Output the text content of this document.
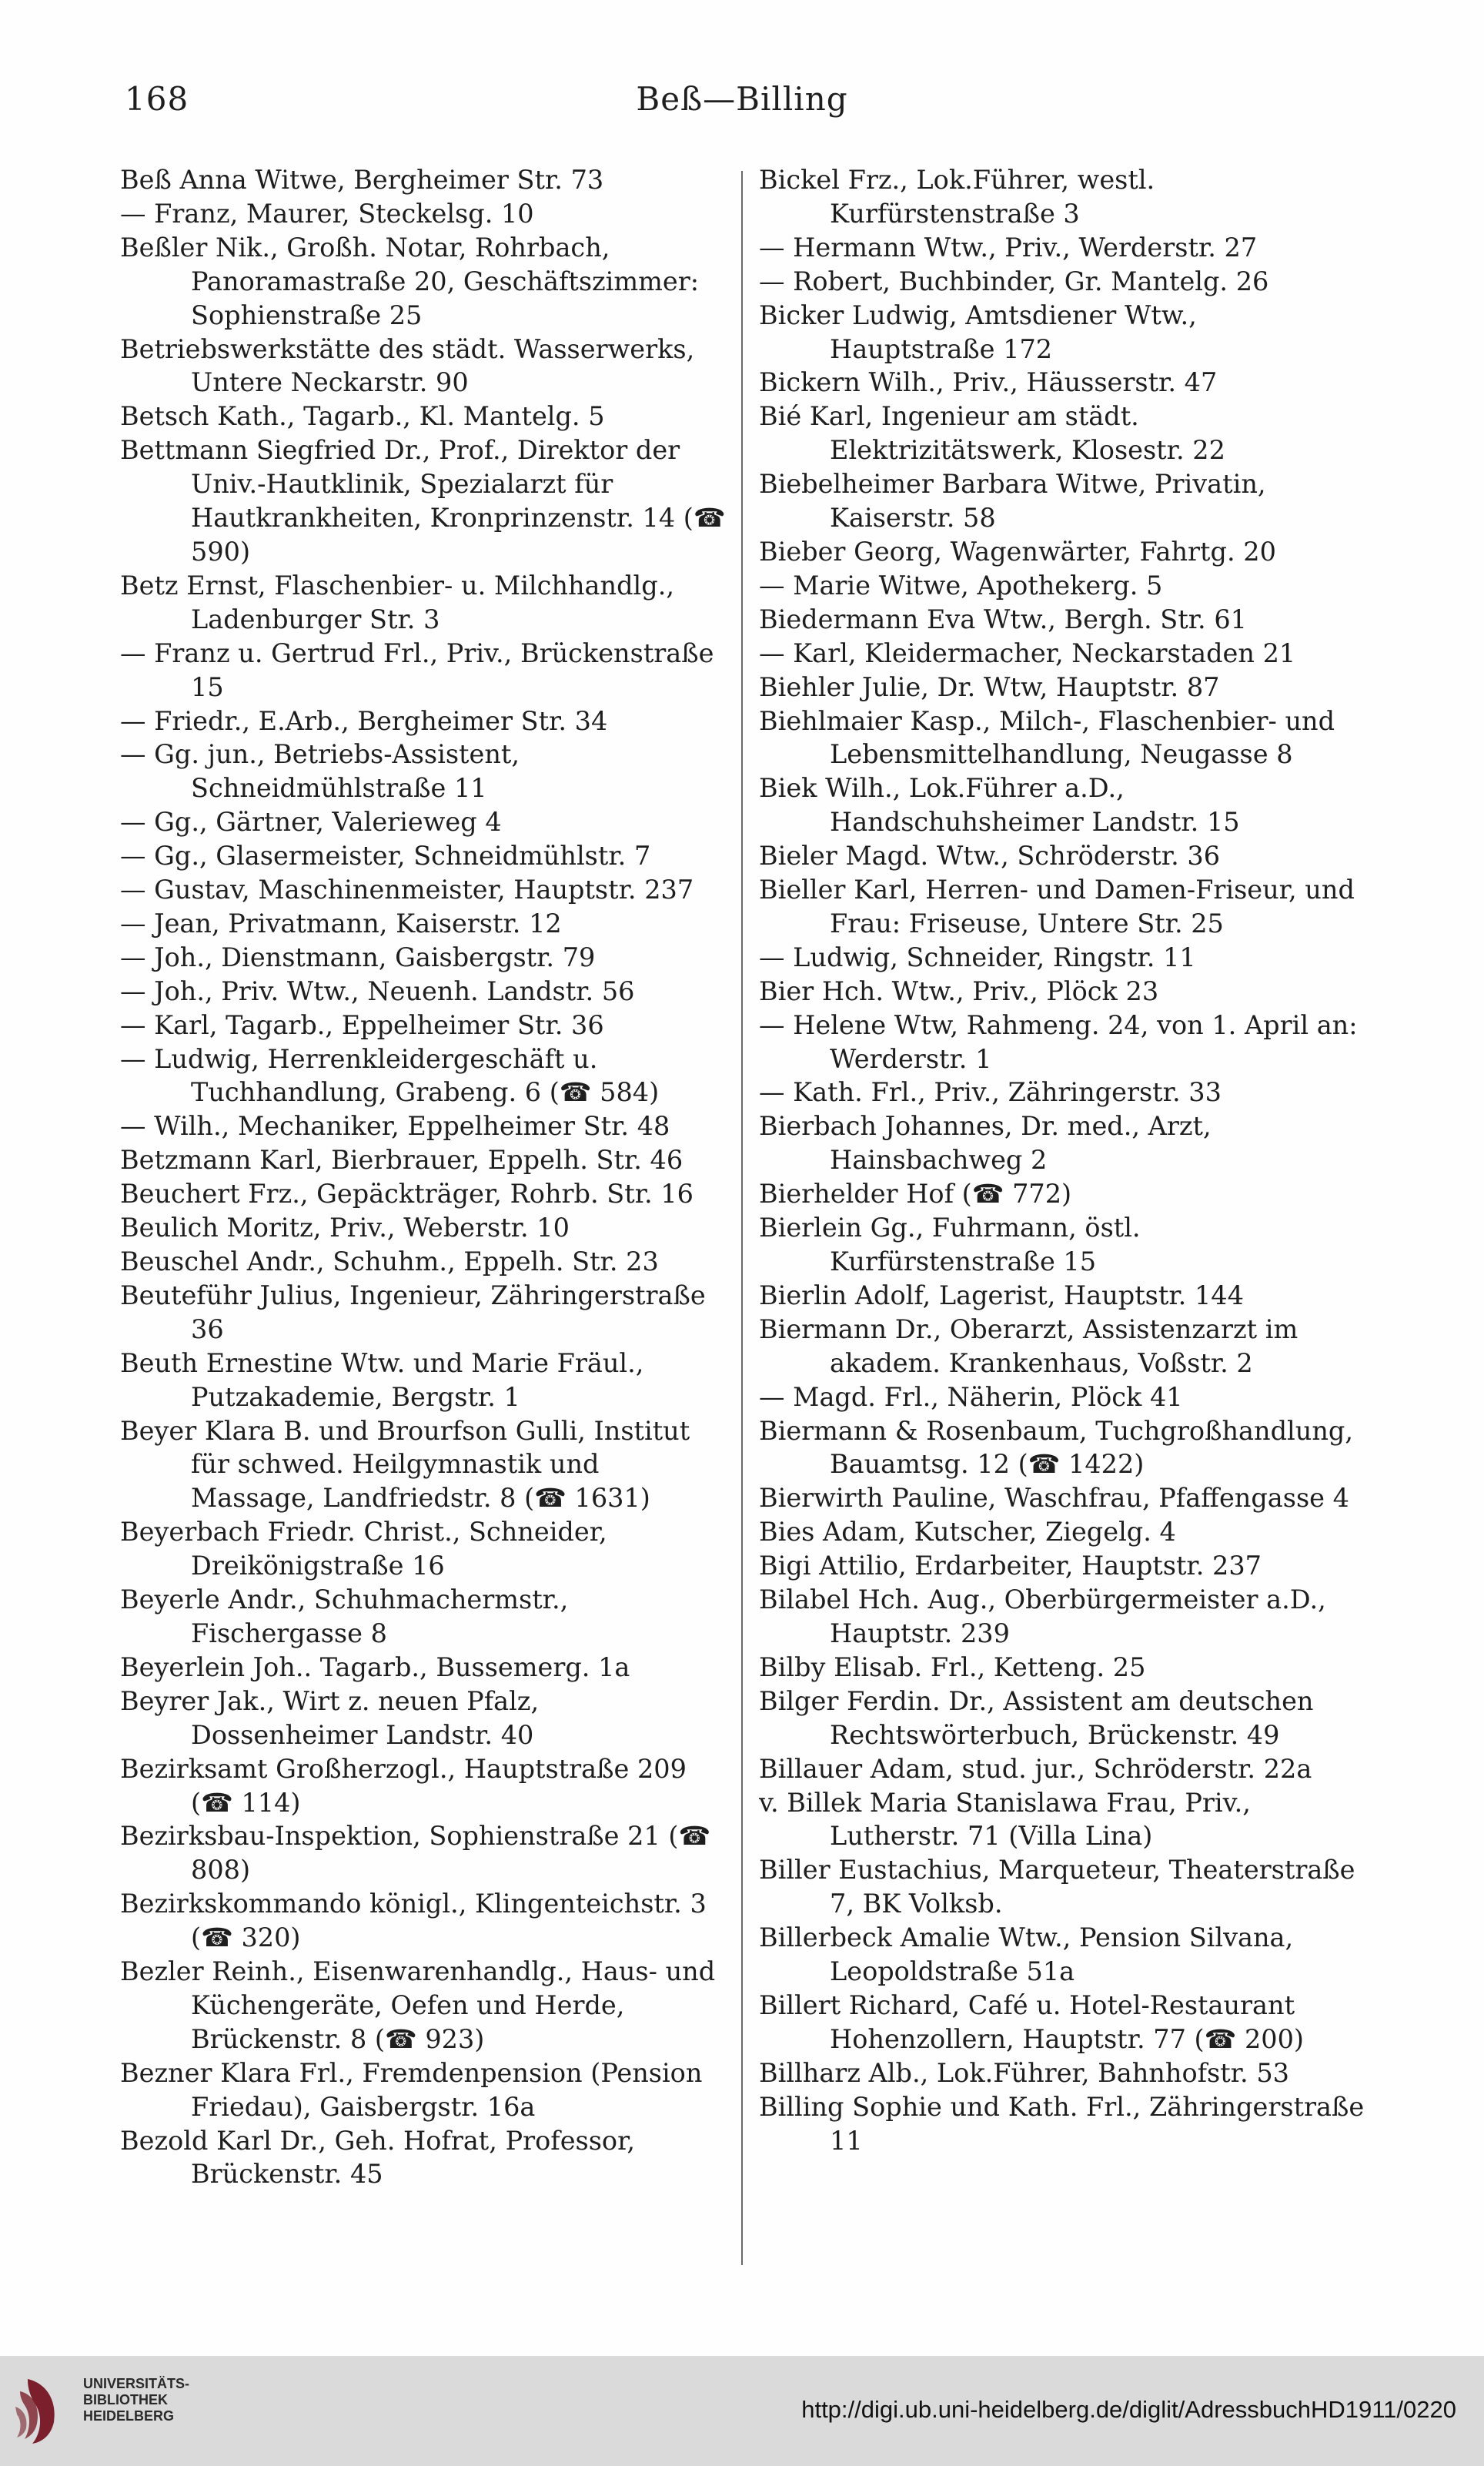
168	Beß—Billing

Beß Anna Witwe, Bergheimer Str. 73

— Franz, Maurer, Steckelsg. 10

Beßler Nik., Großh. Notar, Rohrbach, Panoramastraße 20, Geschäftszimmer: Sophienstraße 25

Betriebswerkstätte des städt. Wasserwerks, Untere Neckarstr. 90

Betsch Kath., Tagarb., Kl. Mantelg. 5

Bettmann Siegfried Dr., Prof., Direktor der Univ.-Hautklinik, Spezialarzt für Hautkrankheiten, Kronprinzenstr. 14 (☎ 590)

Betz Ernst, Flaschenbier- u. Milchhandlg., Ladenburger Str. 3

— Franz u. Gertrud Frl., Priv., Brückenstraße 15

— Friedr., E.Arb., Bergheimer Str. 34

— Gg. jun., Betriebs-Assistent, Schneidmühlstraße 11

— Gg., Gärtner, Valerieweg 4

— Gg., Glasermeister, Schneidmühlstr. 7

— Gustav, Maschinenmeister, Hauptstr. 237

— Jean, Privatmann, Kaiserstr. 12

— Joh., Dienstmann, Gaisbergstr. 79

— Joh., Priv. Wtw., Neuenh. Landstr. 56

— Karl, Tagarb., Eppelheimer Str. 36

— Ludwig, Herrenkleidergeschäft u. Tuchhandlung, Grabeng. 6 (☎ 584)

— Wilh., Mechaniker, Eppelheimer Str. 48

Betzmann Karl, Bierbrauer, Eppelh. Str. 46

Beuchert Frz., Gepäckträger, Rohrb. Str. 16

Beulich Moritz, Priv., Weberstr. 10

Beuschel Andr., Schuhm., Eppelh. Str. 23

Beuteführ Julius, Ingenieur, Zähringerstraße 36

Beuth Ernestine Wtw. und Marie Fräul., Putzakademie, Bergstr. 1

Beyer Klara B. und Brourfson Gulli, Institut für schwed. Heilgymnastik und Massage, Landfriedstr. 8 (☎ 1631)

Beyerbach Friedr. Christ., Schneider, Dreikönigstraße 16

Beyerle Andr., Schuhmachermstr., Fischergasse 8

Beyerlein Joh.. Tagarb., Bussemerg. 1a

Beyrer Jak., Wirt z. neuen Pfalz, Dossenheimer Landstr. 40

Bezirksamt Großherzogl., Hauptstraße 209 (☎ 114)

Bezirksbau-Inspektion, Sophienstraße 21 (☎ 808)

Bezirkskommando königl., Klingenteichstr. 3 (☎ 320)

Bezler Reinh., Eisenwarenhandlg., Haus- und Küchengeräte, Oefen und Herde, Brückenstr. 8 (☎ 923)

Bezner Klara Frl., Fremdenpension (Pension Friedau), Gaisbergstr. 16a

Bezold Karl Dr., Geh. Hofrat, Professor, Brückenstr. 45

Bickel Frz., Lok.Führer, westl. Kurfürstenstraße 3

— Hermann Wtw., Priv., Werderstr. 27

— Robert, Buchbinder, Gr. Mantelg. 26

Bicker Ludwig, Amtsdiener Wtw., Hauptstraße 172

Bickern Wilh., Priv., Häusserstr. 47

Bié Karl, Ingenieur am städt. Elektrizitätswerk, Klosestr. 22

Biebelheimer Barbara Witwe, Privatin, Kaiserstr. 58

Bieber Georg, Wagenwärter, Fahrtg. 20

— Marie Witwe, Apothekerg. 5

Biedermann Eva Wtw., Bergh. Str. 61

— Karl, Kleidermacher, Neckarstaden 21

Biehler Julie, Dr. Wtw, Hauptstr. 87

Biehlmaier Kasp., Milch-, Flaschenbier- und Lebensmittelhandlung, Neugasse 8

Biek Wilh., Lok.Führer a.D., Handschuhsheimer Landstr. 15

Bieler Magd. Wtw., Schröderstr. 36

Bieller Karl, Herren- und Damen-Friseur, und Frau: Friseuse, Untere Str. 25

— Ludwig, Schneider, Ringstr. 11

Bier Hch. Wtw., Priv., Plöck 23

— Helene Wtw, Rahmeng. 24, von 1. April an: Werderstr. 1

— Kath. Frl., Priv., Zähringerstr. 33

Bierbach Johannes, Dr. med., Arzt, Hainsbachweg 2

Bierhelder Hof (☎ 772)

Bierlein Gg., Fuhrmann, östl. Kurfürstenstraße 15

Bierlin Adolf, Lagerist, Hauptstr. 144

Biermann Dr., Oberarzt, Assistenzarzt im akadem. Krankenhaus, Voßstr. 2

— Magd. Frl., Näherin, Plöck 41

Biermann & Rosenbaum, Tuchgroßhandlung, Bauamtsg. 12 (☎ 1422)

Bierwirth Pauline, Waschfrau, Pfaffengasse 4

Bies Adam, Kutscher, Ziegelg. 4

Bigi Attilio, Erdarbeiter, Hauptstr. 237

Bilabel Hch. Aug., Oberbürgermeister a.D., Hauptstr. 239

Bilby Elisab. Frl., Ketteng. 25

Bilger Ferdin. Dr., Assistent am deutschen Rechtswörterbuch, Brückenstr. 49

Billauer Adam, stud. jur., Schröderstr. 22a

v. Billek Maria Stanislawa Frau, Priv., Lutherstr. 71 (Villa Lina)

Biller Eustachius, Marqueteur, Theaterstraße 7, BK Volksb.

Billerbeck Amalie Wtw., Pension Silvana, Leopoldstraße 51a

Billert Richard, Café u. Hotel-Restaurant Hohenzollern, Hauptstr. 77 (☎ 200)

Billharz Alb., Lok.Führer, Bahnhofstr. 53

Billing Sophie und Kath. Frl., Zähringerstraße 11

UNIVERSITÄTS-
BIBLIOTHEK
HEIDELBERG	http://digi.ub.uni-heidelberg.de/diglit/AdressbuchHD1911/0220
